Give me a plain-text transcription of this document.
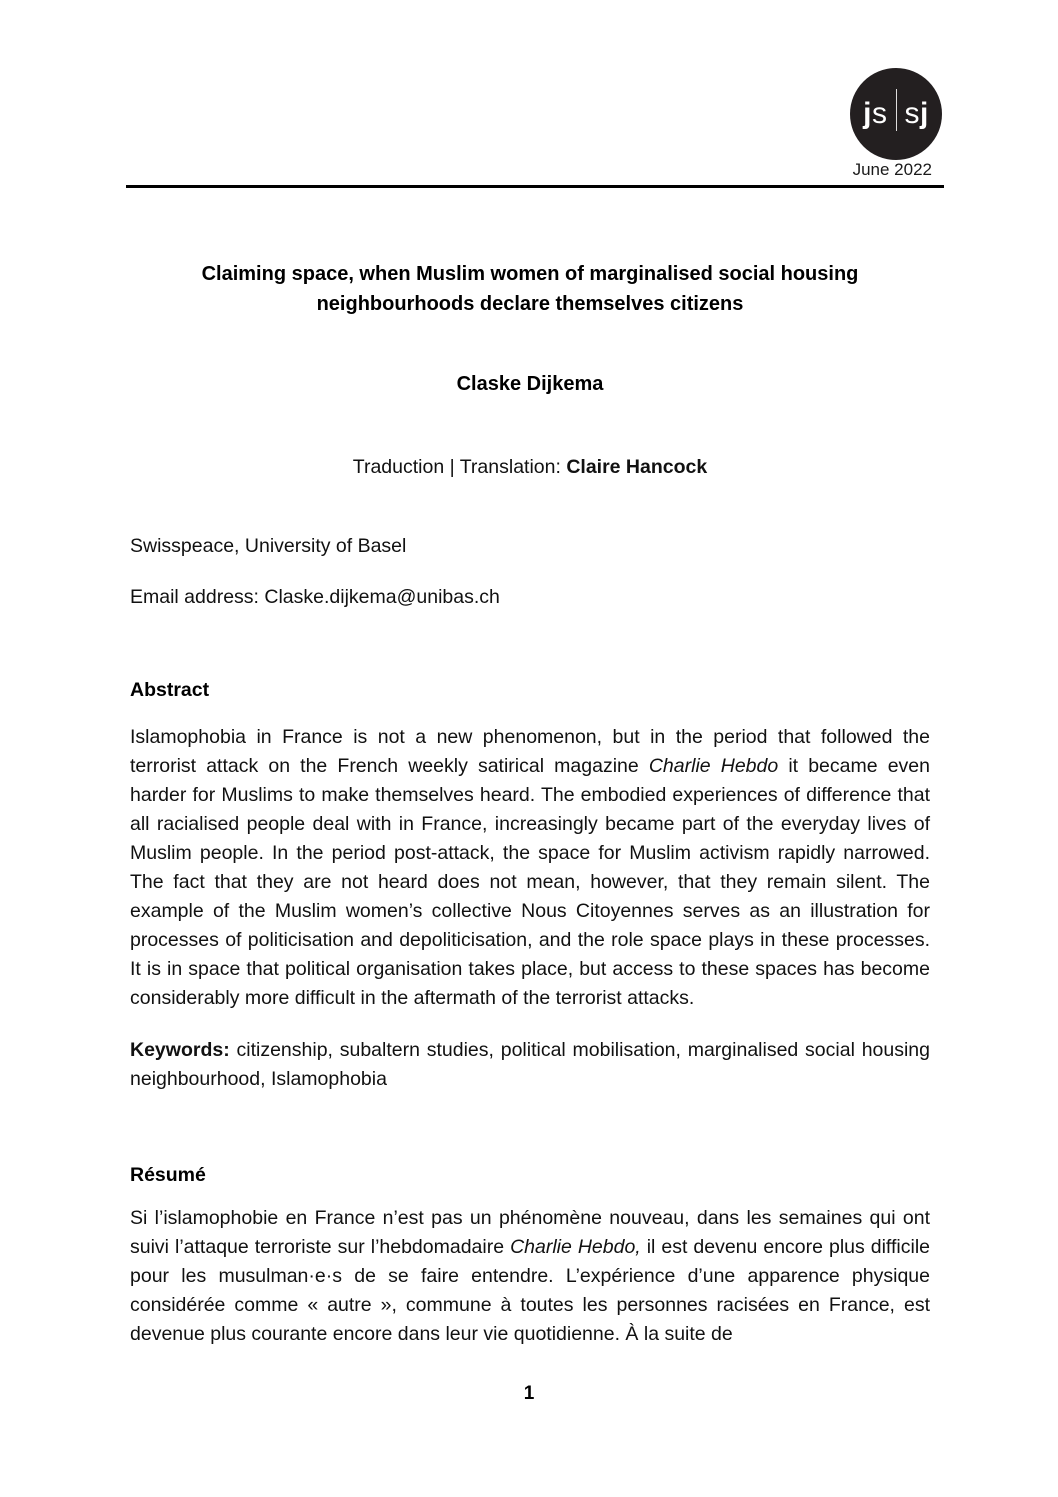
j s s j
June 2022
Claiming space, when Muslim women of marginalised social housing
neighbourhoods declare themselves citizens
Claske Dijkema
Traduction | Translation: Claire Hancock
Swisspeace, University of Basel
Email address: Claske.dijkema@unibas.ch
Abstract
Islamophobia in France is not a new phenomenon, but in the period that followed the terrorist attack on the French weekly satirical magazine Charlie Hebdo it became even harder for Muslims to make themselves heard. The embodied experiences of difference that all racialised people deal with in France, increasingly became part of the everyday lives of Muslim people. In the period post-attack, the space for Muslim activism rapidly narrowed. The fact that they are not heard does not mean, however, that they remain silent. The example of the Muslim women’s collective Nous Citoyennes serves as an illustration for processes of politicisation and depoliticisation, and the role space plays in these processes. It is in space that political organisation takes place, but access to these spaces has become considerably more difficult in the aftermath of the terrorist attacks.
Keywords: citizenship, subaltern studies, political mobilisation, marginalised social housing neighbourhood, Islamophobia
Résumé
Si l’islamophobie en France n’est pas un phénomène nouveau, dans les semaines qui ont suivi l’attaque terroriste sur l’hebdomadaire Charlie Hebdo, il est devenu encore plus difficile pour les musulman·e·s de se faire entendre. L’expérience d’une apparence physique considérée comme « autre », commune à toutes les personnes racisées en France, est devenue plus courante encore dans leur vie quotidienne. À la suite de
1
